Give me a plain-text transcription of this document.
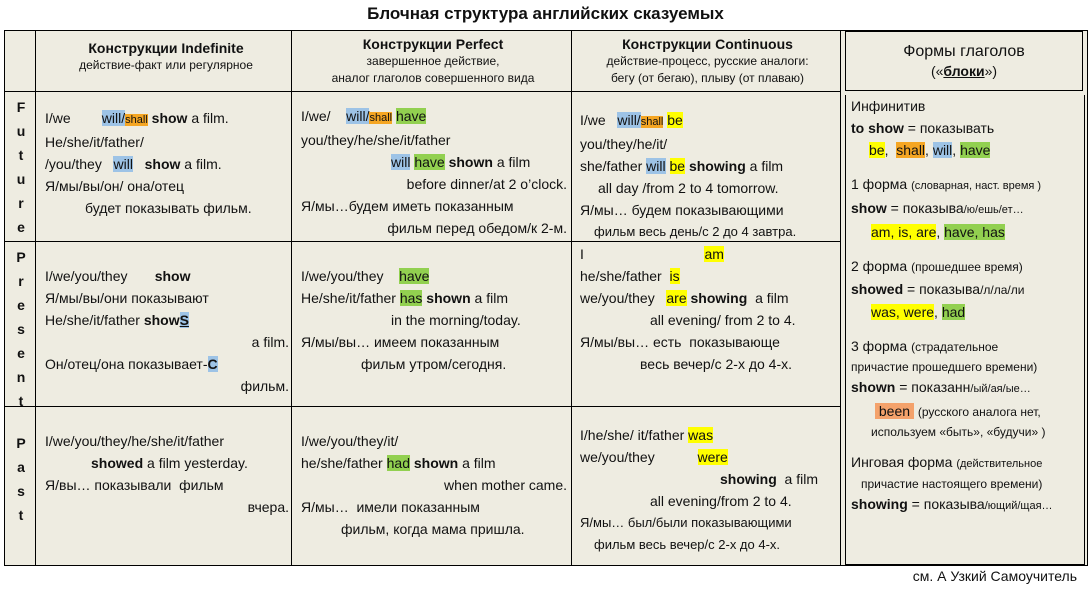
Блочная структура английских сказуемых
Конструкции Indefinite
действие-факт или регулярное
Конструкции Perfect
завершенное действие,
аналог глаголов совершенного вида
Конструкции Continuous
действие-процесс, русские аналоги:
бегу (от бегаю), плыву (от плаваю)
Формы глаголов
(«блоки»)
F
u
t
u
r
e
P
r
e
s
e
n
t
P
a
s
t

I/we        will/shall show a film.

He/she/it/father/

/you/they   will show a film.

Я/мы/вы/он/ она/отец

будет показывать фильм.

I/we/    will/shall have

you/they/he/she/it/father

will have shown a film

before dinner/at 2 o’clock.

Я/мы…будем иметь показанным

фильм перед обедом/к 2-м.

I/we   will/shall be

you/they/he/it/

she/father will be showing a film

all day /from 2 to 4 tomorrow.

Я/мы… будем показывающими

фильм весь день/с 2 до 4 завтра.

I/we/you/they       show

Я/мы/вы/они показывают

He/she/it/father showS

a film.

Он/отец/она показывает-С

фильм.

I/we/you/they    have

He/she/it/father has shown a film

in the morning/today.

Я/мы/вы… имеем показанным

фильм утром/сегодня.

I                               am

he/she/father  is

we/you/they   are showing  a film

all evening/ from 2 to 4.

Я/мы/вы… есть  показывающе

весь вечер/с 2-х до 4-х.

I/we/you/they/he/she/it/father

showed a film yesterday.

Я/вы… показывали  фильм

вчера.

I/we/you/they/it/

he/she/father had shown a film

when mother came.

Я/мы…  имели показанным

фильм, когда мама пришла.

I/he/she/ it/father was

we/you/they           were

showing  a film

all evening/from 2 to 4.

Я/мы… был/были показывающими

фильм весь вечер/с 2-х до 4-х.

Инфинитив

to show = показывать

be,  shall, will, have

1 форма (словарная, наст. время )

show = показыва/ю/ешь/ет…

am, is, are, have, has

2 форма (прошедшее время)

showed = показыва/л/ла/ли

was, were, had

3 форма (страдательное

причастие прошедшего времени)

shown = показанн/ый/ая/ые…

been  (русского аналога нет,

используем «быть», «будучи» )

Инговая форма (действительное

причастие настоящего времени)

showing = показыва/ющий/щая…

см. А Узкий Самоучитель
